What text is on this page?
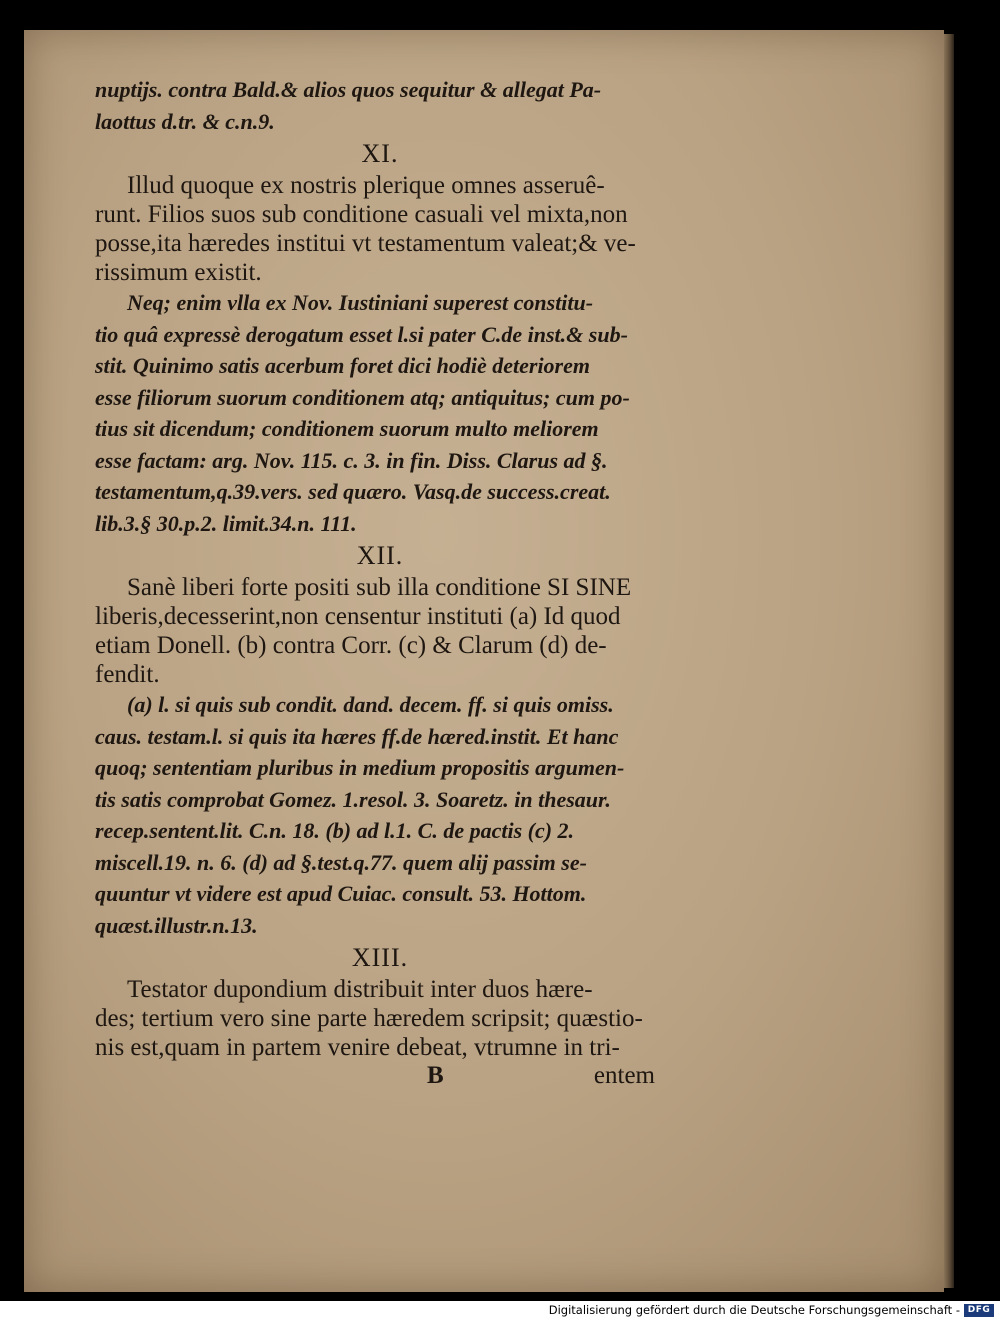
nuptijs. contra Bald.& alios quos sequitur & allegat Pa-
laottus d.tr. & c.n.9.
XI.
Illud quoque ex nostris plerique omnes asseruê-
runt. Filios suos sub conditione casuali vel mixta,non
posse,ita hæredes institui vt testamentum valeat;& ve-
rissimum existit.
Neq; enim vlla ex Nov. Iustiniani superest constitu-
tio quâ expressè derogatum esset l.si pater C.de inst.& sub-
stit. Quinimo satis acerbum foret dici hodiè deteriorem
esse filiorum suorum conditionem atq; antiquitus; cum po-
tius sit dicendum; conditionem suorum multo meliorem
esse factam: arg. Nov. 115. c. 3. in fin. Diss. Clarus ad §.
testamentum,q.39.vers. sed quæro. Vasq.de success.creat.
lib.3.§ 30.p.2. limit.34.n. 111.
XII.
Sanè liberi forte positi sub illa conditione SI SINE
liberis,decesserint,non censentur instituti (a) Id quod
etiam Donell. (b) contra Corr. (c) & Clarum (d) de-
fendit.
(a) l. si quis sub condit. dand. decem. ff. si quis omiss.
caus. testam.l. si quis ita hæres ff.de hæred.instit. Et hanc
quoq; sententiam pluribus in medium propositis argumen-
tis satis comprobat Gomez. 1.resol. 3. Soaretz. in thesaur.
recep.sentent.lit. C.n. 18. (b) ad l.1. C. de pactis (c) 2.
miscell.19. n. 6. (d) ad §.test.q.77. quem alij passim se-
quuntur vt videre est apud Cuiac. consult. 53. Hottom.
quæst.illustr.n.13.
XIII.
Testator dupondium distribuit inter duos hære-
des; tertium vero sine parte hæredem scripsit; quæstio-
nis est,quam in partem venire debeat, vtrumne in tri-
B	entem
Digitalisierung gefördert durch die Deutsche Forschungsgemeinschaft - DFG
